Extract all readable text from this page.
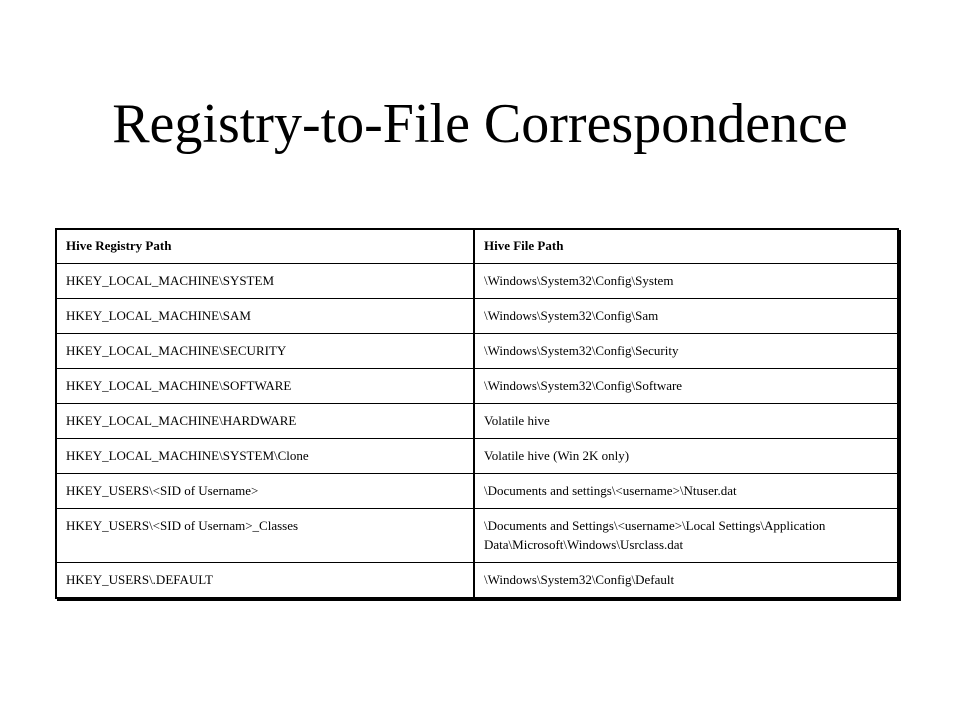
Registry-to-File Correspondence
Hive Registry Path	Hive File Path
HKEY_LOCAL_MACHINE\SYSTEM	\Windows\System32\Config\System
HKEY_LOCAL_MACHINE\SAM	\Windows\System32\Config\Sam
HKEY_LOCAL_MACHINE\SECURITY	\Windows\System32\Config\Security
HKEY_LOCAL_MACHINE\SOFTWARE	\Windows\System32\Config\Software
HKEY_LOCAL_MACHINE\HARDWARE	Volatile hive
HKEY_LOCAL_MACHINE\SYSTEM\Clone	Volatile hive (Win 2K only)
HKEY_USERS\<SID of Username>	\Documents and settings\<username>\Ntuser.dat
HKEY_USERS\<SID of Usernam>_Classes	\Documents and Settings\<username>\Local Settings\Application Data\Microsoft\Windows\Usrclass.dat
HKEY_USERS\.DEFAULT	\Windows\System32\Config\Default
